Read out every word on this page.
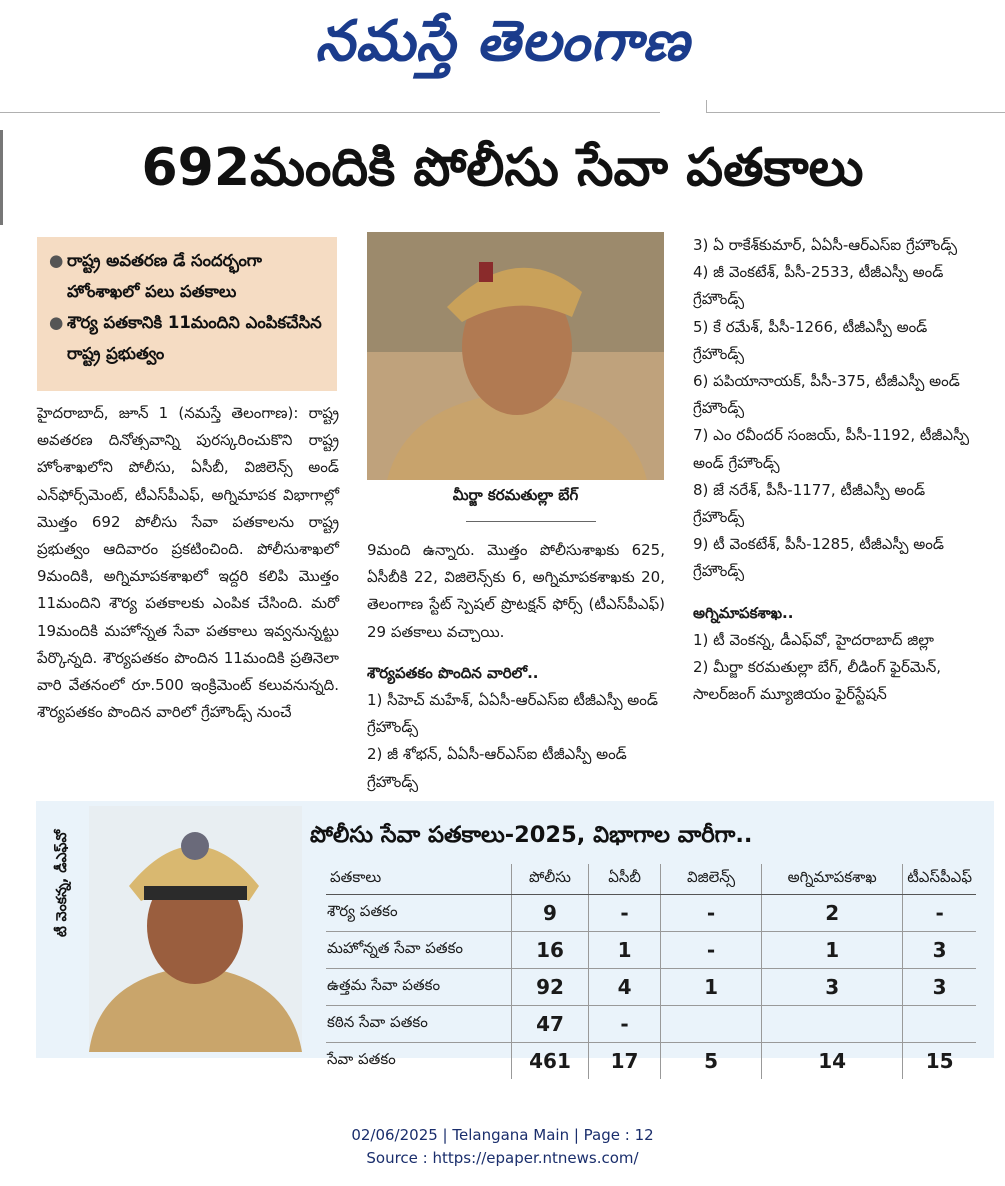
నమస్తే తెలంగాణ
692మందికి పోలీసు సేవా పతకాలు
● రాష్ట్ర అవతరణ డే సందర్భంగా హోంశాఖలో పలు పతకాలు
● శౌర్య పతకానికి 11మందిని ఎంపికచేసిన రాష్ట్ర ప్రభుత్వం

హైదరాబాద్, జూన్ 1 (నమస్తే తెలంగాణ): రాష్ట్ర అవతరణ దినోత్సవాన్ని పురస్కరించుకొని రాష్ట్ర హోంశాఖలోని పోలీసు, ఏసీబీ, విజిలెన్స్ అండ్ ఎన్‌ఫోర్స్‌మెంట్, టీఎస్‌పీఎఫ్, అగ్నిమాపక విభాగాల్లో మొత్తం 692 పోలీసు సేవా పతకాలను రాష్ట్ర ప్రభుత్వం ఆదివారం ప్రకటించింది. పోలీసుశాఖలో 9మందికి, అగ్నిమాపకశాఖలో ఇద్దరి కలిపి మొత్తం 11మందిని శౌర్య పతకాలకు ఎంపిక చేసింది. మరో 19మందికి మహోన్నత సేవా పతకాలు ఇవ్వనున్నట్టు పేర్కొన్నది. శౌర్యపతకం పొందిన 11మందికి ప్రతినెలా వారి వేతనంలో రూ.500 ఇంక్రిమెంట్ కలువనున్నది. శౌర్యపతకం పొందిన వారిలో గ్రేహౌండ్స్ నుంచే

మీర్జా కరమతుల్లా బేగ్

9మంది ఉన్నారు. మొత్తం పోలీసుశాఖకు 625, ఏసీబీకి 22, విజిలెన్స్‌కు 6, అగ్నిమాపకశాఖకు 20, తెలంగాణ స్టేట్ స్పెషల్ ప్రొటక్షన్ ఫోర్స్ (టీఎస్‌పీఎఫ్) 29 పతకాలు వచ్చాయి.

శౌర్యపతకం పొందిన వారిలో..
1) సీహెచ్ మహేశ్, ఏఏసీ-ఆర్ఎస్ఐ టీజీఎస్పీ అండ్ గ్రేహౌండ్స్
2) జీ శోభన్, ఏఏసీ-ఆర్ఎస్ఐ టీజీఎస్పీ అండ్ గ్రేహౌండ్స్
3) ఏ రాకేశ్‌కుమార్, ఏఏసీ-ఆర్ఎస్ఐ గ్రేహౌండ్స్
4) జీ వెంకటేశ్, పీసీ-2533, టీజీఎస్పీ అండ్ గ్రేహౌండ్స్
5) కే రమేశ్, పీసీ-1266, టీజీఎస్పీ అండ్ గ్రేహౌండ్స్
6) పపియానాయక్, పీసీ-375, టీజీఎస్పీ అండ్ గ్రేహౌండ్స్
7) ఎం రవీందర్ సంజయ్, పీసీ-1192, టీజీఎస్పీ అండ్ గ్రేహౌండ్స్
8) జే నరేశ్, పీసీ-1177, టీజీఎస్పీ అండ్ గ్రేహౌండ్స్
9) టీ వెంకటేశ్, పీసీ-1285, టీజీఎస్పీ అండ్ గ్రేహౌండ్స్
అగ్నిమాపకశాఖ..
1) టీ వెంకన్న, డీఎఫ్‌వో, హైదరాబాద్ జిల్లా
2) మీర్జా కరమతుల్లా బేగ్, లీడింగ్ ఫైర్‌మెన్, సాలర్‌జంగ్ మ్యూజియం ఫైర్‌స్టేషన్
టీ వెంకన్న, డీఎఫ్‌వో	పోలీసు సేవా పతకాలు-2025, విభాగాల వారీగా..
పతకాలు	పోలీసు	ఏసీబీ	విజిలెన్స్	అగ్నిమాపకశాఖ	టీఎస్‌పీఎఫ్
శౌర్య పతకం	9	-	-	2	-
మహోన్నత సేవా పతకం	16	1	-	1	3
ఉత్తమ సేవా పతకం	92	4	1	3	3
కఠిన సేవా పతకం	47	-			
సేవా పతకం	461	17	5	14	15
02/06/2025 | Telangana Main | Page : 12
Source : https://epaper.ntnews.com/
